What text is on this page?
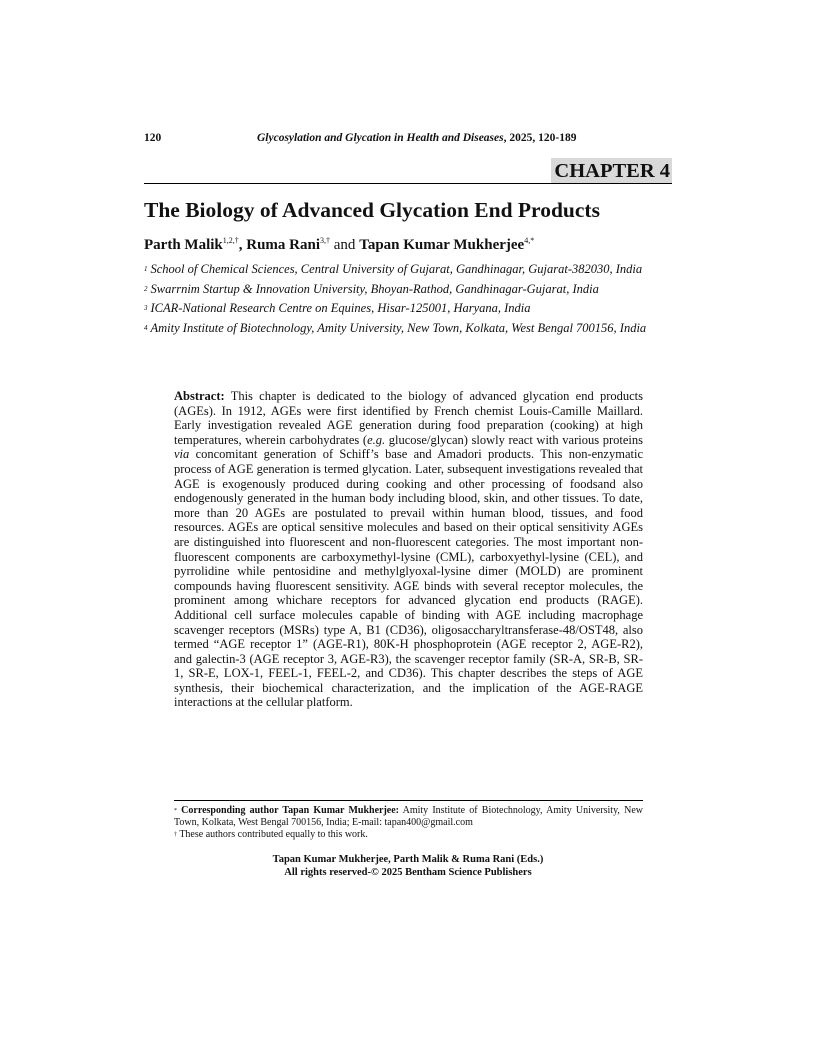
120	Glycosylation and Glycation in Health and Diseases, 2025, 120-189
CHAPTER 4
The Biology of Advanced Glycation End Products
Parth Malik$^{1,2,\dagger}$, Ruma Rani$^{3,\dagger}$ and Tapan Kumar Mukherjee$^{4,*}$
$^1$ School of Chemical Sciences, Central University of Gujarat, Gandhinagar, Gujarat-382030, India
$^2$ Swarrnim Startup & Innovation University, Bhoyan-Rathod, Gandhinagar-Gujarat, India
$^3$ ICAR-National Research Centre on Equines, Hisar-125001, Haryana, India
$^4$ Amity Institute of Biotechnology, Amity University, New Town, Kolkata, West Bengal 700156, India
Abstract: This chapter is dedicated to the biology of advanced glycation end products (AGEs). In 1912, AGEs were first identified by French chemist Louis-Camille Maillard. Early investigation revealed AGE generation during food preparation (cooking) at high temperatures, wherein carbohydrates (e.g. glucose/glycan) slowly react with various proteins via concomitant generation of Schiff’s base and Amadori products. This non-enzymatic process of AGE generation is termed glycation. Later, subsequent investigations revealed that AGE is exogenously produced during cooking and other processing of foodsand also endogenously generated in the human body including blood, skin, and other tissues. To date, more than 20 AGEs are postulated to prevail within human blood, tissues, and food resources. AGEs are optical sensitive molecules and based on their optical sensitivity AGEs are distinguished into fluorescent and non-fluorescent categories. The most important non-fluorescent components are carboxymethyl-lysine (CML), carboxyethyl-lysine (CEL), and pyrrolidine while pentosidine and methylglyoxal-lysine dimer (MOLD) are prominent compounds having fluorescent sensitivity. AGE binds with several receptor molecules, the prominent among whichare receptors for advanced glycation end products (RAGE). Additional cell surface molecules capable of binding with AGE including macrophage scavenger receptors (MSRs) type A, B1 (CD36), oligosaccharyltransferase-48/OST48, also termed “AGE receptor 1” (AGE-R1), 80K-H phosphoprotein (AGE receptor 2, AGE-R2), and galectin-3 (AGE receptor 3, AGE-R3), the scavenger receptor family (SR-A, SR-B, SR-1, SR-E, LOX-1, FEEL-1, FEEL-2, and CD36). This chapter describes the steps of AGE synthesis, their biochemical characterization, and the implication of the AGE-RAGE interactions at the cellular platform.
* Corresponding author Tapan Kumar Mukherjee: Amity Institute of Biotechnology, Amity University, New Town, Kolkata, West Bengal 700156, India; E-mail: tapan400@gmail.com
† These authors contributed equally to this work.
Tapan Kumar Mukherjee, Parth Malik & Ruma Rani (Eds.)
All rights reserved-© 2025 Bentham Science Publishers
